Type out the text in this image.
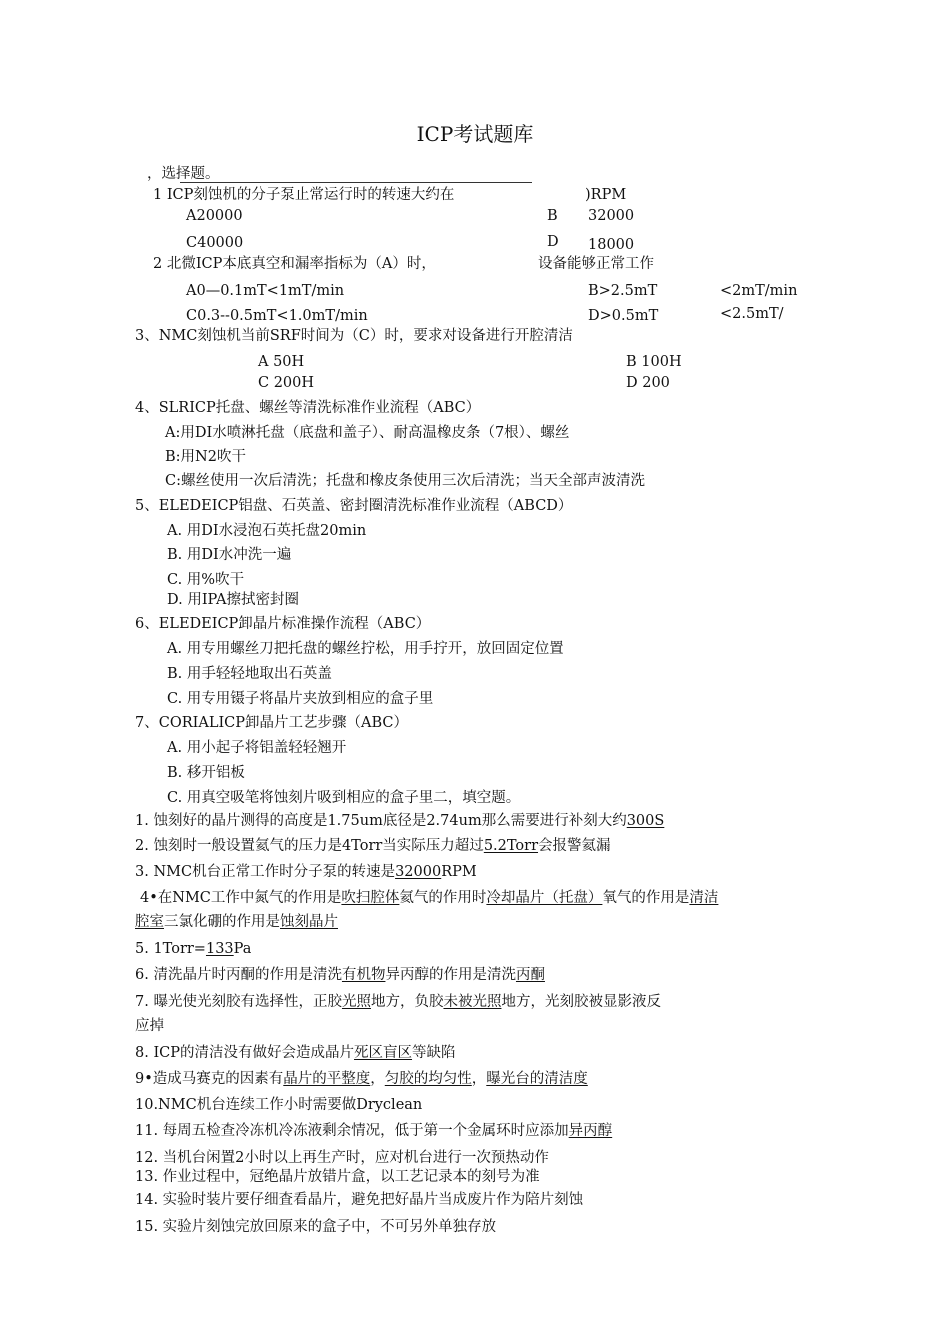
ICP考试题库
，选择题。
1 ICP刻蚀机的分子泵止常运行时的转速大约在	)RPM
A20000	B 32000
C40000	D 18000
2 北微ICP本底真空和漏率指标为（A）时，	设备能够正常工作
A0—0.1mT<1mT/min	B>2.5mT	<2mT/min
C0.3--0.5mT<1.0mT/min	D>0.5mT	<2.5mT/
3、NMC刻蚀机当前SRF时间为（C）时，要求对设备进行开腔清洁
A 50H	B 100H
C 200H	D 200
4、SLRICP托盘、螺丝等清洗标准作业流程（ABC）
A:用DI水喷淋托盘（底盘和盖子）、耐高温橡皮条（7根）、螺丝
B:用N2吹干
C:螺丝使用一次后清洗；托盘和橡皮条使用三次后清洗；当天全部声波清洗
5、ELEDEICP铝盘、石英盖、密封圈清洗标准作业流程（ABCD）
A. 用DI水浸泡石英托盘20min
B. 用DI水冲洗一遍
C. 用%吹干
D. 用IPA擦拭密封圈
6、ELEDEICP卸晶片标准操作流程（ABC）
A. 用专用螺丝刀把托盘的螺丝拧松，用手拧开，放回固定位置
B. 用手轻轻地取出石英盖
C. 用专用镊子将晶片夹放到相应的盒子里
7、CORIALICP卸晶片工艺步骤（ABC）
A. 用小起子将铝盖轻轻翘开
B. 移开铝板
C. 用真空吸笔将蚀刻片吸到相应的盒子里二，填空题。
1. 蚀刻好的晶片测得的高度是1.75um底径是2.74um那么需要进行补刻大约300S
2. 蚀刻时一般设置氦气的压力是4Torr当实际压力超过5.2Torr会报警氦漏
3. NMC机台正常工作时分子泵的转速是32000RPM
4•在NMC工作中氮气的作用是吹扫腔体氦气的作用时冷却晶片（托盘）氧气的作用是清洁
腔室三氯化硼的作用是蚀刻晶片
5. 1Torr=133Pa
6. 清洗晶片时丙酮的作用是清洗有机物异丙醇的作用是清洗丙酮
7. 曝光使光刻胶有选择性，正胶光照地方，负胶未被光照地方，光刻胶被显影液反
应掉
8. ICP的清洁没有做好会造成晶片死区盲区等缺陷
9•造成马赛克的因素有晶片的平整度，匀胶的均匀性，曝光台的清洁度
10.NMC机台连续工作小时需要做Dryclean
11. 每周五检查冷冻机冷冻液剩余情况，低于第一个金属环时应添加异丙醇
12. 当机台闲置2小时以上再生产时，应对机台进行一次预热动作
13. 作业过程中，冠绝晶片放错片盒，以工艺记录本的刻号为准
14. 实验时装片要仔细査看晶片，避免把好晶片当成废片作为陪片刻蚀
15. 实验片刻蚀完放回原来的盒子中，不可另外单独存放
